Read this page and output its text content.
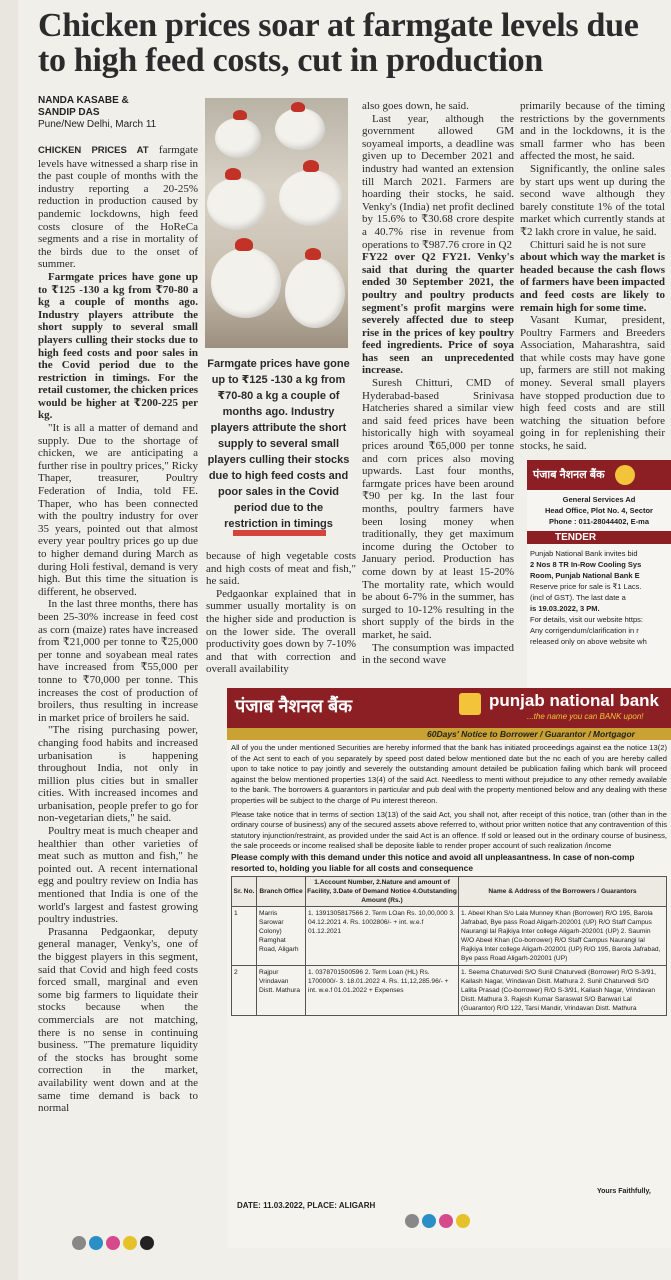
Chicken prices soar at farmgate levels due to high feed costs, cut in production
NANDA KASABE &
SANDIP DAS
Pune/New Delhi, March 11

CHICKEN PRICES AT farmgate levels have witnessed a sharp rise in the past couple of months with the industry reporting a 20-25% reduction in production caused by pandemic lockdowns, high feed costs closure of the HoReCa segments and a rise in mortality of the birds due to the onset of summer.

Farmgate prices have gone up to ₹125 -130 a kg from ₹70-80 a kg a couple of months ago. Industry players attribute the short supply to several small players culling their stocks due to high feed costs and poor sales in the Covid period due to the restriction in timings. For the retail customer, the chicken prices would be higher at ₹200-225 per kg.

"It is all a matter of demand and supply. Due to the shortage of chicken, we are anticipating a further rise in poultry prices," Ricky Thaper, treasurer, Poultry Federation of India, told FE. Thaper, who has been connected with the poultry industry for over 35 years, pointed out that almost every year poultry prices go up due to higher demand during March as during Holi festival, demand is very high. But this time the situation is different, he observed.

In the last three months, there has been 25-30% increase in feed cost as corn (maize) rates have increased from ₹21,000 per tonne to ₹25,000 per tonne and soyabean meal rates have increased from ₹55,000 per tonne to ₹70,000 per tonne. This increases the cost of production of broilers, thus resulting in increase in market price of broilers he said.

"The rising purchasing power, changing food habits and increased urbanisation is happening throughout India, not only in million plus cities but in smaller cities. With increased incomes and urbanisation, people prefer to go for non-vegetarian diets," he said.

Poultry meat is much cheaper and healthier than other varieties of meat such as mutton and fish," he pointed out. A recent international egg and poultry review on India has mentioned that India is one of the world's largest and fastest growing poultry industries.

Prasanna Pedgaonkar, deputy general manager, Venky's, one of the biggest players in this segment, said that Covid and high feed costs forced small, marginal and even some big farmers to liquidate their stocks because when the commercials are not matching, there is no sense in continuing business. "The premature liquidity of the stocks has brought some correction in the market, availability went down and at the same time demand is back to normal

Farmgate prices have gone up to ₹125 -130 a kg from ₹70-80 a kg a couple of months ago. Industry players attribute the short supply to several small players culling their stocks due to high feed costs and poor sales in the Covid period due to the restriction in timings

because of high vegetable costs and high costs of meat and fish," he said.

Pedgaonkar explained that in summer usually mortality is on the higher side and production is on the lower side. The overall productivity goes down by 7-10% and that with correction and overall availability

also goes down, he said.

Last year, although the government allowed GM soyameal imports, a deadline was given up to December 2021 and industry had wanted an extension till March 2021. Farmers are hoarding their stocks, he said. Venky's (India) net profit declined by 15.6% to ₹30.68 crore despite a 40.7% rise in revenue from operations to ₹987.76 crore in Q2

FY22 over Q2 FY21. Venky's said that during the quarter ended 30 September 2021, the poultry and poultry products segment's profit margins were severely affected due to steep rise in the prices of key poultry feed ingredients. Price of soya has seen an unprecedented increase.

Suresh Chitturi, CMD of Hyderabad-based Srinivasa Hatcheries shared a similar view and said feed prices have been historically high with soyameal prices around ₹65,000 per tonne and corn prices also moving upwards. Last four months, farmgate prices have been around ₹90 per kg. In the last four months, poultry farmers have been losing money when traditionally, they get maximum income during the October to January period. Production has come down by at least 15-20% The mortality rate, which would be about 6-7% in the summer, has surged to 10-12% resulting in the short supply of the birds in the market, he said.

The consumption was impacted in the second wave

primarily because of the timing restrictions by the governments and in the lockdowns, it is the small farmer who has been affected the most, he said.

Significantly, the online sales by start ups went up during the second wave although they barely constitute 1% of the total market which currently stands at ₹2 lakh crore in value, he said.

Chitturi said he is not sure

about which way the market is headed because the cash flows of farmers have been impacted and feed costs are likely to remain high for some time.

Vasant Kumar, president, Poultry Farmers and Breeders Association, Maharashtra, said that while costs may have gone up, farmers are still not making money. Several small players have stopped production due to high feed costs and are still watching the situation before going in for replenishing their stocks, he said.

पंजाब नैशनल बैंक
General Services Ad
Head Office, Plot No. 4, Sector
Phone : 011-28044402, E-ma
TENDER
Punjab National Bank invites bid
2 Nos 8 TR In-Row Cooling Sys
Room, Punjab National Bank E
Reserve price for sale is ₹1 Lacs.
(incl of GST). The last date a
is 19.03.2022, 3 PM.
For details, visit our website https:
Any corrigendum/clarification in r
released only on above website wh
पंजाब नैशनल बैंक	punjab national bank
...the name you can BANK upon!
60Days' Notice to Borrower / Guarantor / Mortgagor
All of you the under mentioned Securities are hereby informed that the bank has initiated proceedings against ea the notice 13(2) of the Act sent to each of you separately by speed post dated below mentioned date but the nc each of you are hereby called upon to take notice to pay jointly and severely the outstanding amount detailed be publication failing which bank will proceed against the below mentioned properties 13(4) of the said Act. Needless to menti without prejudice to any other remedy available to the bank. The borrowers & guarantors in particular and pub deal with the property mentioned below and any dealing with these properties will be subject to the charge of Pu interest thereon.
Please take notice that in terms of section 13(13) of the said Act, you shall not, after receipt of this notice, tran (other than in the ordinary course of business) any of the secured assets above referred to, without prior written notice that any contravention of this statutory injunction/restraint, as provided under the said Act is an offence. If sold or leased out in the ordinary course of business, the sale proceeds or income realised shall be deposite liable to render proper account of such realization /income
Please comply with this demand under this notice and avoid all unpleasantness. In case of non-comp resorted to, holding you liable for all costs and consequence
Sr. No.	Branch Office	1.Account Number, 2.Nature and amount of Facility, 3.Date of Demand Notice 4.Outstanding Amount (Rs.)	Name & Address of the Borrowers / Guarantors
1	Marris Sarowar Colony) Ramghat Road, Aligarh	1. 1391305817566 2. Term LOan Rs. 10,00,000 3. 04.12.2021 4. Rs. 1002806/- + int. w.e.f 01.12.2021	1. Abeel Khan S/o Lala Munney Khan (Borrower) R/O 195, Barola Jafrabad, Bye pass Road Aligarh-202001 (UP) R/O Staff Campus Naurangi lal Rajkiya Inter college Aligarh-202001 (UP) 2. Saumin W/O Abeel Khan (Co-borrower) R/O Staff Campus Naurangi lal Rajkiya Inter college Aligarh-202001 (UP) R/O 195, Barola Jafrabad, Bye pass Road Aligarh-202001 (UP)
2	Rajpur Vrindavan Distt. Mathura	1. 0378701500596 2. Term Loan (HL) Rs. 1700000/- 3. 18.01.2022 4. Rs. 11,12,285.96/- + int. w.e.f 01.01.2022 + Expenses	1. Seema Chaturvedi S/O Sunil Chaturvedi (Borrower) R/O S-3/91, Kailash Nagar, Vrindavan Distt. Mathura 2. Sunil Chaturvedi S/O Lalita Prasad (Co-borrower) R/O S-3/91, Kailash Nagar, Vrindavan Distt. Mathura 3. Rajesh Kumar Saraswat S/O Banwari Lal (Guarantor) R/O 122, Tarsi Mandir, Vrindavan Distt. Mathura
Yours Faithfully,
DATE: 11.03.2022, PLACE: ALIGARH
